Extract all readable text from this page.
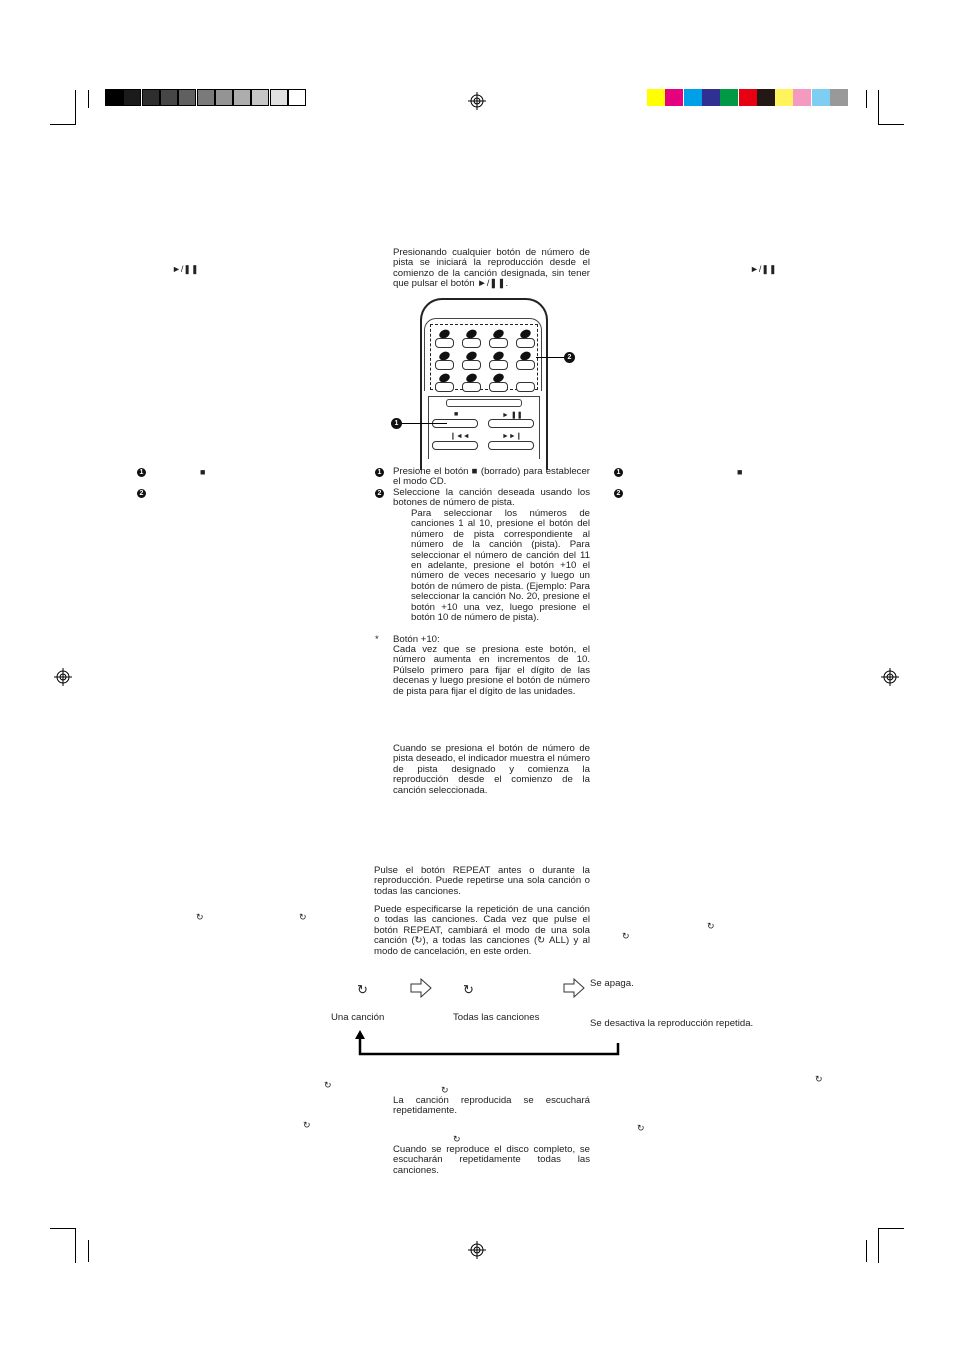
►/❚❚
1	■
2
↻	↻
↻
↻
►/❚❚
1	■
2
↻
↻
↻
↻
Presionando cualquier botón de número de pista se iniciará la reproducción desde el comienzo de la canción designada, sin tener que pulsar el botón ►/❚❚.
■	► ❚❚
❙◄◄	►►❙
1
2
1 Presione el botón ■ (borrado) para establecer el modo CD.
2 Seleccione la canción deseada usando los botones de número de pista.
Para seleccionar los números de canciones 1 al 10, presione el botón del número de pista correspondiente al número de la canción (pista). Para seleccionar el número de canción del 11 en adelante, presione el botón +10 el número de veces necesario y luego un botón de número de pista. (Ejemplo: Para seleccionar la canción No. 20, presione el botón +10 una vez, luego presione el botón 10 de número de pista).
* Botón +10:
Cada vez que se presiona este botón, el número aumenta en incrementos de 10. Púlselo primero para fijar el dígito de las decenas y luego presione el botón de número de pista para fijar el dígito de las unidades.
Cuando se presiona el botón de número de pista deseado, el indicador muestra el número de pista designado y comienza la reproducción desde el comienzo de la canción seleccionada.
Pulse el botón REPEAT antes o durante la reproducción. Puede repetirse una sola canción o todas las canciones.
Puede especificarse la repetición de una canción o todas las canciones. Cada vez que pulse el botón REPEAT, cambiará el modo de una sola canción (↻), a todas las canciones (↻ ALL) y al modo de cancelación, en este orden.
↻	↻	Se apaga.
Una canción	Todas las canciones
Se desactiva la reproducción repetida.
↻
La canción reproducida se escuchará repetidamente.
↻
Cuando se reproduce el disco completo, se escucharán repetidamente todas las canciones.
